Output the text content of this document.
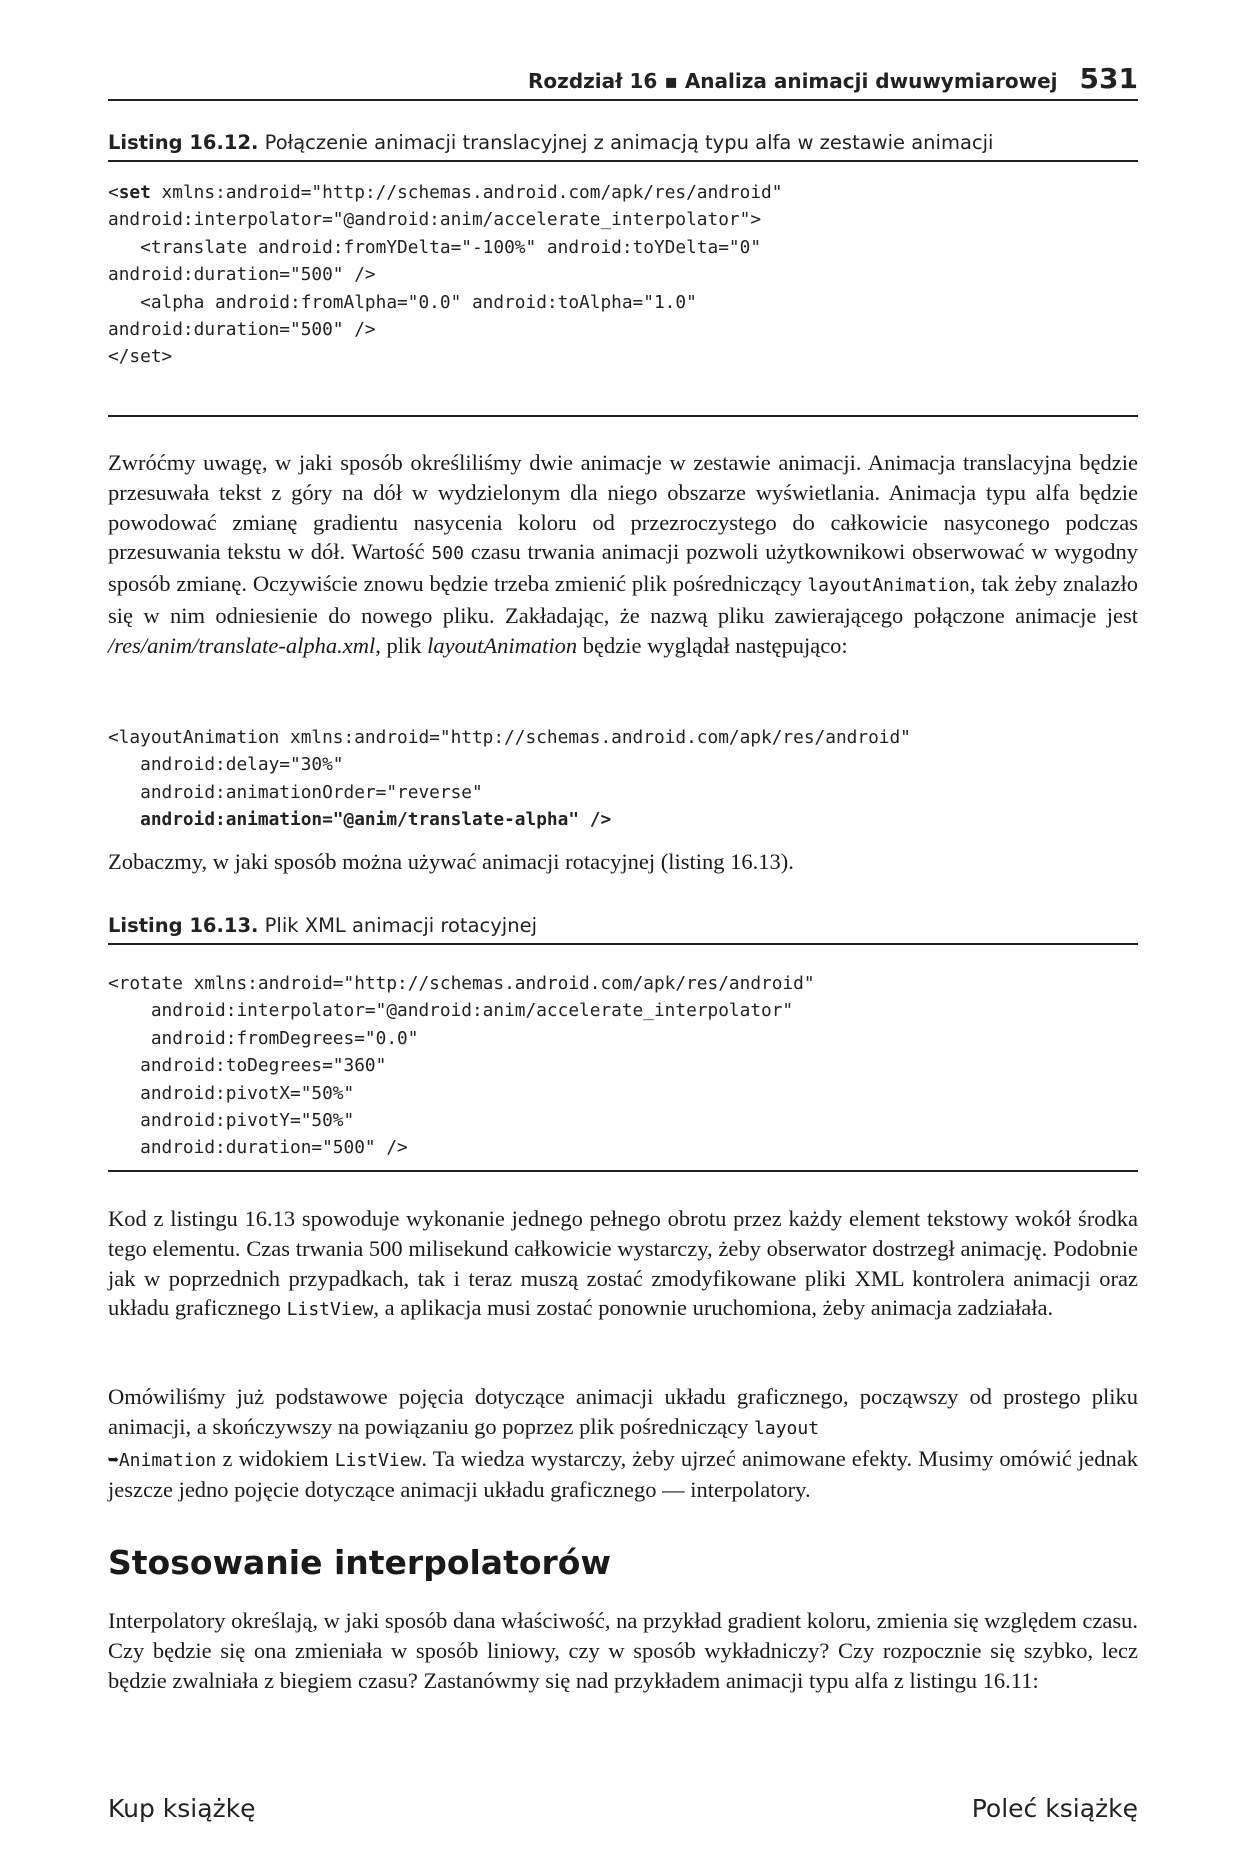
Rozdział 16 ▪ Analiza animacji dwuwymiarowej 531
Listing 16.12. Połączenie animacji translacyjnej z animacją typu alfa w zestawie animacji
<set xmlns:android="http://schemas.android.com/apk/res/android"
android:interpolator="@android:anim/accelerate_interpolator">
<translate android:fromYDelta="-100%" android:toYDelta="0"
android:duration="500" />
<alpha android:fromAlpha="0.0" android:toAlpha="1.0"
android:duration="500" />
</set>

Zwróćmy uwagę, w jaki sposób określiliśmy dwie animacje w zestawie animacji. Animacja translacyjna będzie przesuwała tekst z góry na dół w wydzielonym dla niego obszarze wyświetlania. Animacja typu alfa będzie powodować zmianę gradientu nasycenia koloru od przezroczystego do całkowicie nasyconego podczas przesuwania tekstu w dół. Wartość 500 czasu trwania animacji pozwoli użytkownikowi obserwować w wygodny sposób zmianę. Oczywiście znowu będzie trzeba zmienić plik pośredniczący layoutAnimation, tak żeby znalazło się w nim odniesienie do nowego pliku. Zakładając, że nazwą pliku zawierającego połączone animacje jest /res/anim/translate-alpha.xml, plik layoutAnimation będzie wyglądał następująco:

<layoutAnimation xmlns:android="http://schemas.android.com/apk/res/android"
android:delay="30%"
android:animationOrder="reverse"
android:animation="@anim/translate-alpha" />

Zobaczmy, w jaki sposób można używać animacji rotacyjnej (listing 16.13).

Listing 16.13. Plik XML animacji rotacyjnej
<rotate xmlns:android="http://schemas.android.com/apk/res/android"
android:interpolator="@android:anim/accelerate_interpolator"
android:fromDegrees="0.0"
android:toDegrees="360"
android:pivotX="50%"
android:pivotY="50%"
android:duration="500" />

Kod z listingu 16.13 spowoduje wykonanie jednego pełnego obrotu przez każdy element tekstowy wokół środka tego elementu. Czas trwania 500 milisekund całkowicie wystarczy, żeby obserwator dostrzegł animację. Podobnie jak w poprzednich przypadkach, tak i teraz muszą zostać zmodyfikowane pliki XML kontrolera animacji oraz układu graficznego ListView, a aplikacja musi zostać ponownie uruchomiona, żeby animacja zadziałała.

Omówiliśmy już podstawowe pojęcia dotyczące animacji układu graficznego, począwszy od prostego pliku animacji, a skończywszy na powiązaniu go poprzez plik pośredniczący layout
➥Animation z widokiem ListView. Ta wiedza wystarczy, żeby ujrzeć animowane efekty. Musimy omówić jednak jeszcze jedno pojęcie dotyczące animacji układu graficznego — interpolatory.

Stosowanie interpolatorów

Interpolatory określają, w jaki sposób dana właściwość, na przykład gradient koloru, zmienia się względem czasu. Czy będzie się ona zmieniała w sposób liniowy, czy w sposób wykładniczy? Czy rozpocznie się szybko, lecz będzie zwalniała z biegiem czasu? Zastanówmy się nad przykładem animacji typu alfa z listingu 16.11:

Kup książkę	Poleć książkę
